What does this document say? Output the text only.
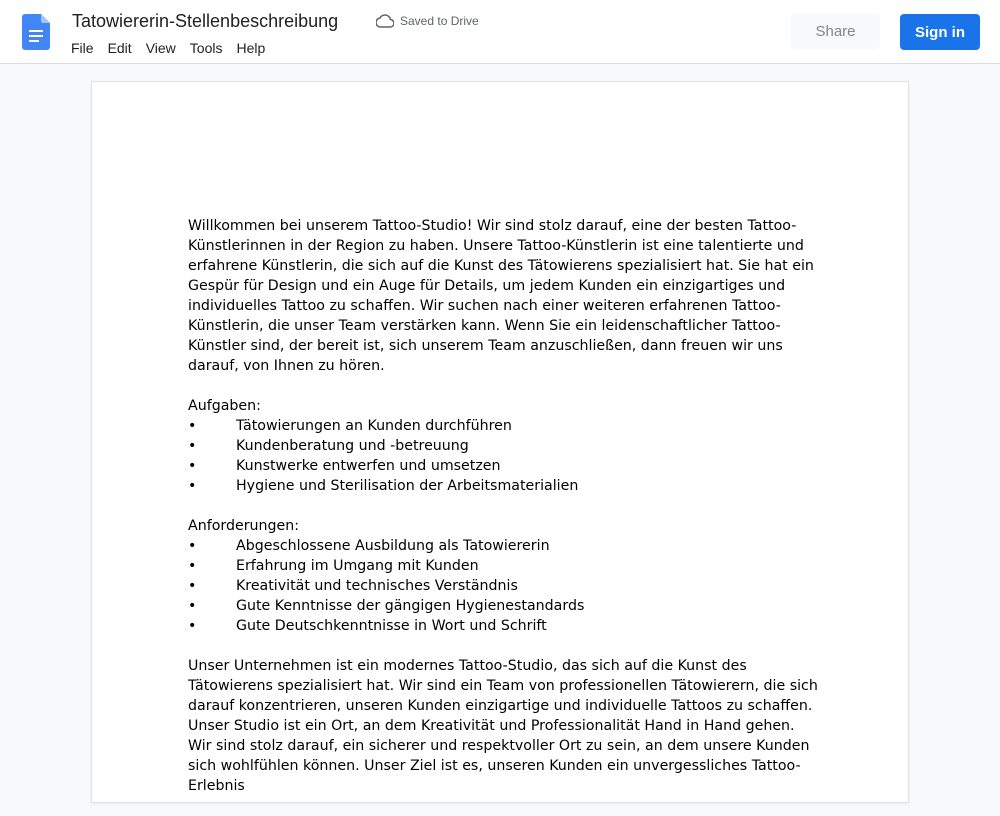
Tatowiererin-Stellenbeschreibung	Saved to Drive
File	Edit	View	Tools	Help
Share	Sign in

Willkommen bei unserem Tattoo-Studio! Wir sind stolz darauf, eine der besten Tattoo-Künstlerinnen in der Region zu haben. Unsere Tattoo-Künstlerin ist eine talentierte und erfahrene Künstlerin, die sich auf die Kunst des Tätowierens spezialisiert hat. Sie hat ein Gespür für Design und ein Auge für Details, um jedem Kunden ein einzigartiges und individuelles Tattoo zu schaffen. Wir suchen nach einer weiteren erfahrenen Tattoo-Künstlerin, die unser Team verstärken kann. Wenn Sie ein leidenschaftlicher Tattoo-Künstler sind, der bereit ist, sich unserem Team anzuschließen, dann freuen wir uns darauf, von Ihnen zu hören.

Aufgaben:

•	Tätowierungen an Kunden durchführen
•	Kundenberatung und -betreuung
•	Kunstwerke entwerfen und umsetzen
•	Hygiene und Sterilisation der Arbeitsmaterialien

Anforderungen:

•	Abgeschlossene Ausbildung als Tatowiererin
•	Erfahrung im Umgang mit Kunden
•	Kreativität und technisches Verständnis
•	Gute Kenntnisse der gängigen Hygienestandards
•	Gute Deutschkenntnisse in Wort und Schrift

Unser Unternehmen ist ein modernes Tattoo-Studio, das sich auf die Kunst des Tätowierens spezialisiert hat. Wir sind ein Team von professionellen Tätowierern, die sich darauf konzentrieren, unseren Kunden einzigartige und individuelle Tattoos zu schaffen. Unser Studio ist ein Ort, an dem Kreativität und Professionalität Hand in Hand gehen. Wir sind stolz darauf, ein sicherer und respektvoller Ort zu sein, an dem unsere Kunden sich wohlfühlen können. Unser Ziel ist es, unseren Kunden ein unvergessliches Tattoo-Erlebnis
